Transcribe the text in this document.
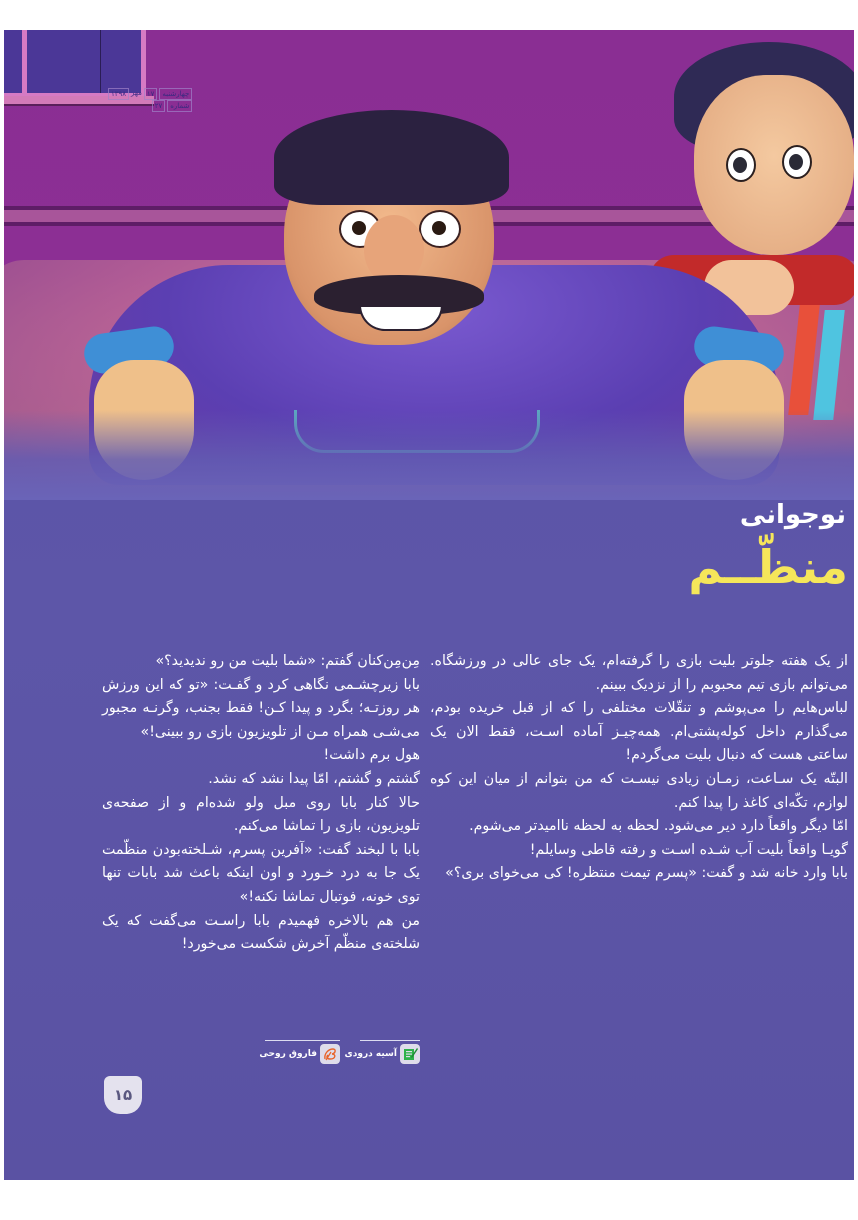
چهارشنبه
۱۷
مهر
۱۳۹۸
شماره
۲۷
نوجوانی
منظّــم

از یک هفته جلوتر بلیت بازی را گرفته‌ام، یک جای عالی در ورزشگاه. می‌توانم بازی تیم محبوبم را از نزدیک ببینم.

لباس‌هایم را می‌پوشم و تنقّلات مختلفی را که از قبل خریده بودم، می‌گذارم داخل کوله‌پشتی‌ام. همه‌چیـز آماده اسـت، فقط الان یک ساعتی هست که دنبال بلیت می‌گردم!

البتّه یک سـاعت، زمـان زیادی نیسـت که من بتوانم از میان این کوه لوازم، تکّه‌ای کاغذ را پیدا کنم.

امّا دیگر واقعاً دارد دیر می‌شود. لحظه به لحظه ناامیدتر می‌شوم.

گویـا واقعاً بلیت آب شـده اسـت و رفته قاطی وسایلم!

بابا وارد خانه شد و گفت: «پسرم تیمت منتظره! کی می‌خوای بری؟»

مِن‌مِن‌کنان گفتم: «شما بلیت من رو ندیدید؟»

بابا زیرچشـمی نگاهی کرد و گفـت: «تو که این ورزش هر روزتـه؛ بگرد و پیدا کـن! فقط بجنب، وگرنـه مجبور می‌شـی همراه مـن از تلویزیون بازی رو ببینی!»

هول برم داشت!

گشتم و گشتم، امّا پیدا نشد که نشد.

حالا کنار بابا روی مبل ولو شده‌ام و از صفحه‌ی تلویزیون، بازی را تماشا می‌کنم.

بابا با لبخند گفت: «آفرین پسرم، شـلخته‌بودن منظّمت یک جا به درد خـورد و اون اینکه باعث شد بابات تنها توی خونه، فوتبال تماشا نکنه!»

من هم بالاخره فهمیدم بابا راسـت می‌گفت که یک شلخته‌ی منظّم آخرش شکست می‌خورد!

آسیه درودی
فاروق روحی
۱۵
